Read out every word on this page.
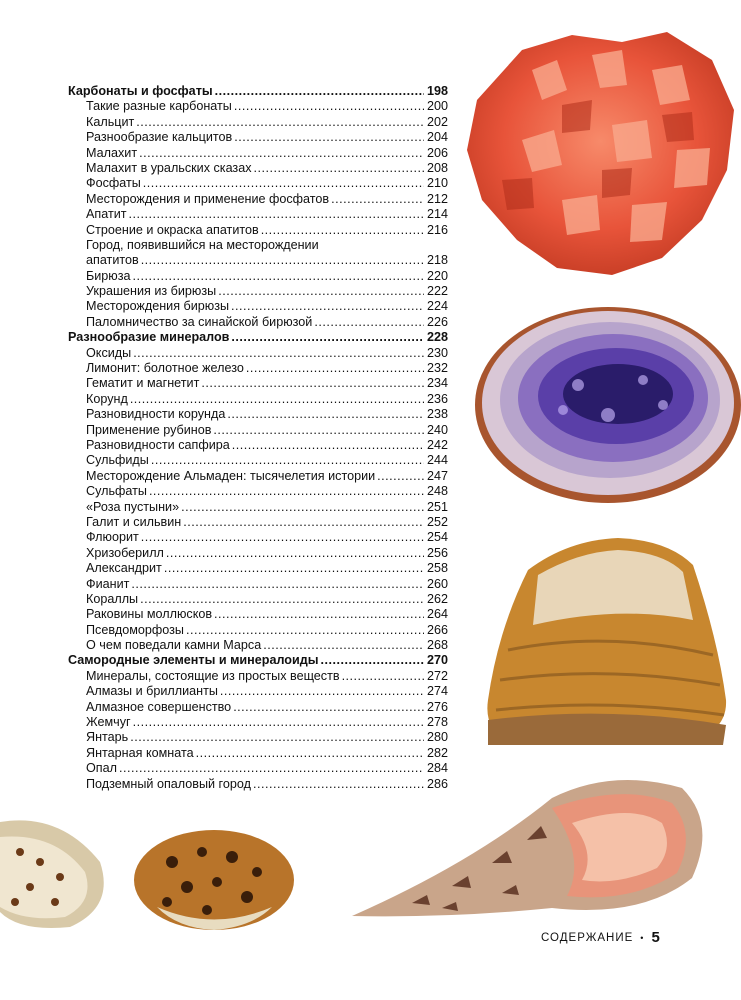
Карбонаты и фосфаты .....	198
Такие разные карбонаты .....	200
Кальцит .....	202
Разнообразие кальцитов .....	204
Малахит .....	206
Малахит в уральских сказах .....	208
Фосфаты .....	210
Месторождения и применение фосфатов .....	212
Апатит .....	214
Строение и окраска апатитов .....	216
Город, появившийся на месторождении
апатитов .....	218
Бирюза .....	220
Украшения из бирюзы .....	222
Месторождения бирюзы .....	224
Паломничество за синайской бирюзой .....	226
Разнообразие минералов .....	228
Оксиды .....	230
Лимонит: болотное железо .....	232
Гематит и магнетит .....	234
Корунд .....	236
Разновидности корунда .....	238
Применение рубинов .....	240
Разновидности сапфира .....	242
Сульфиды .....	244
Месторождение Альмаден: тысячелетия истории .....	247
Сульфаты .....	248
«Роза пустыни» .....	251
Галит и сильвин .....	252
Флюорит .....	254
Хризоберилл .....	256
Александрит .....	258
Фианит .....	260
Кораллы .....	262
Раковины моллюсков .....	264
Псевдоморфозы .....	266
О чем поведали камни Марса .....	268
Самородные элементы и минералоиды .....	270
Минералы, состоящие из простых веществ .....	272
Алмазы и бриллианты .....	274
Алмазное совершенство .....	276
Жемчуг .....	278
Янтарь .....	280
Янтарная комната .....	282
Опал .....	284
Подземный опаловый город .....	286
СОДЕРЖАНИЕ • 5
